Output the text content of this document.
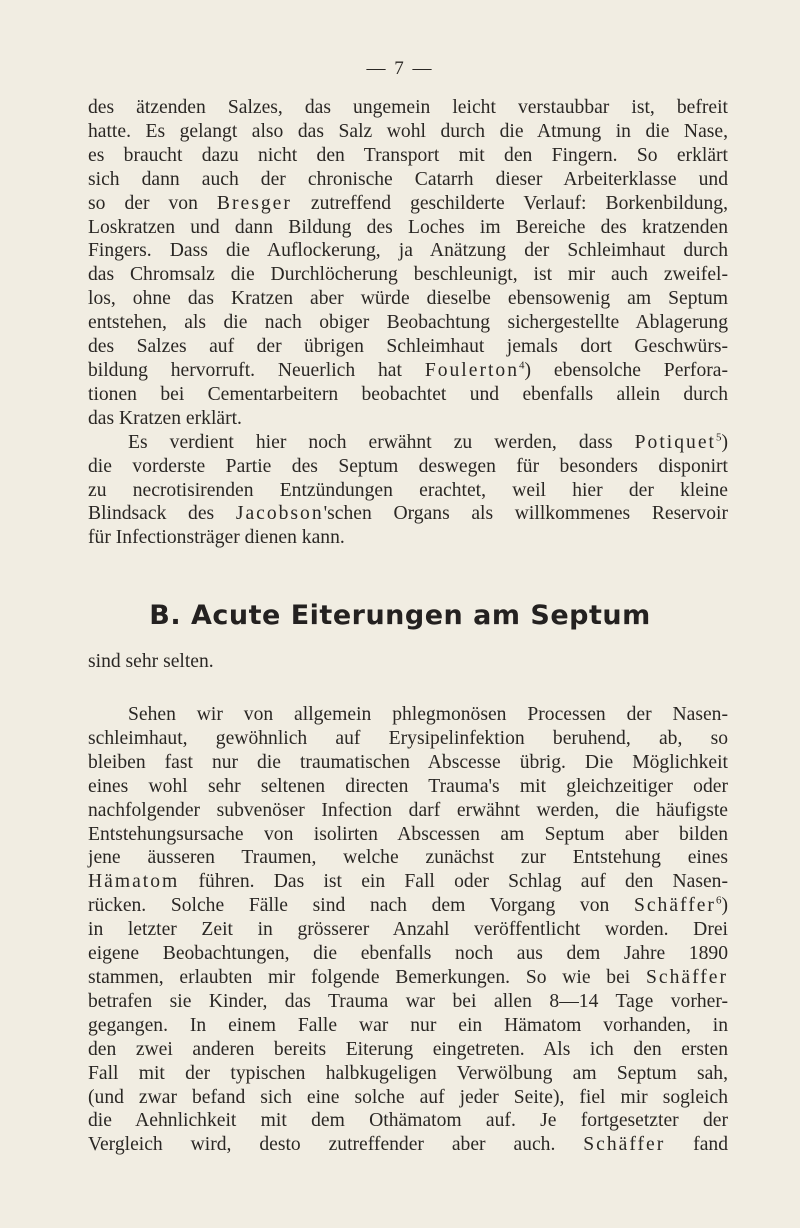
— 7 —
des ätzenden Salzes, das ungemein leicht verstaubbar ist, befreit
hatte. Es gelangt also das Salz wohl durch die Atmung in die Nase,
es braucht dazu nicht den Transport mit den Fingern. So erklärt
sich dann auch der chronische Catarrh dieser Arbeiterklasse und
so der von Bresger zutreffend geschilderte Verlauf: Borkenbildung,
Loskratzen und dann Bildung des Loches im Bereiche des kratzenden
Fingers. Dass die Auflockerung, ja Anätzung der Schleimhaut durch
das Chromsalz die Durchlöcherung beschleunigt, ist mir auch zweifel-
los, ohne das Kratzen aber würde dieselbe ebensowenig am Septum
entstehen, als die nach obiger Beobachtung sichergestellte Ablagerung
des Salzes auf der übrigen Schleimhaut jemals dort Geschwürs-
bildung hervorruft. Neuerlich hat Foulerton$^4$) ebensolche Perfora-
tionen bei Cementarbeitern beobachtet und ebenfalls allein durch
das Kratzen erklärt.
Es verdient hier noch erwähnt zu werden, dass Potiquet$^5$)
die vorderste Partie des Septum deswegen für besonders disponirt
zu necrotisirenden Entzündungen erachtet, weil hier der kleine
Blindsack des Jacobson'schen Organs als willkommenes Reservoir
für Infectionsträger dienen kann.
B. Acute Eiterungen am Septum
sind sehr selten.
Sehen wir von allgemein phlegmonösen Processen der Nasen-
schleimhaut, gewöhnlich auf Erysipelinfektion beruhend, ab, so
bleiben fast nur die traumatischen Abscesse übrig. Die Möglichkeit
eines wohl sehr seltenen directen Trauma's mit gleichzeitiger oder
nachfolgender subvenöser Infection darf erwähnt werden, die häufigste
Entstehungsursache von isolirten Abscessen am Septum aber bilden
jene äusseren Traumen, welche zunächst zur Entstehung eines
Hämatom führen. Das ist ein Fall oder Schlag auf den Nasen-
rücken. Solche Fälle sind nach dem Vorgang von Schäffer$^6$)
in letzter Zeit in grösserer Anzahl veröffentlicht worden. Drei
eigene Beobachtungen, die ebenfalls noch aus dem Jahre 1890
stammen, erlaubten mir folgende Bemerkungen. So wie bei Schäffer
betrafen sie Kinder, das Trauma war bei allen 8—14 Tage vorher-
gegangen. In einem Falle war nur ein Hämatom vorhanden, in
den zwei anderen bereits Eiterung eingetreten. Als ich den ersten
Fall mit der typischen halbkugeligen Verwölbung am Septum sah,
(und zwar befand sich eine solche auf jeder Seite), fiel mir sogleich
die Aehnlichkeit mit dem Othämatom auf. Je fortgesetzter der
Vergleich wird, desto zutreffender aber auch. Schäffer fand
